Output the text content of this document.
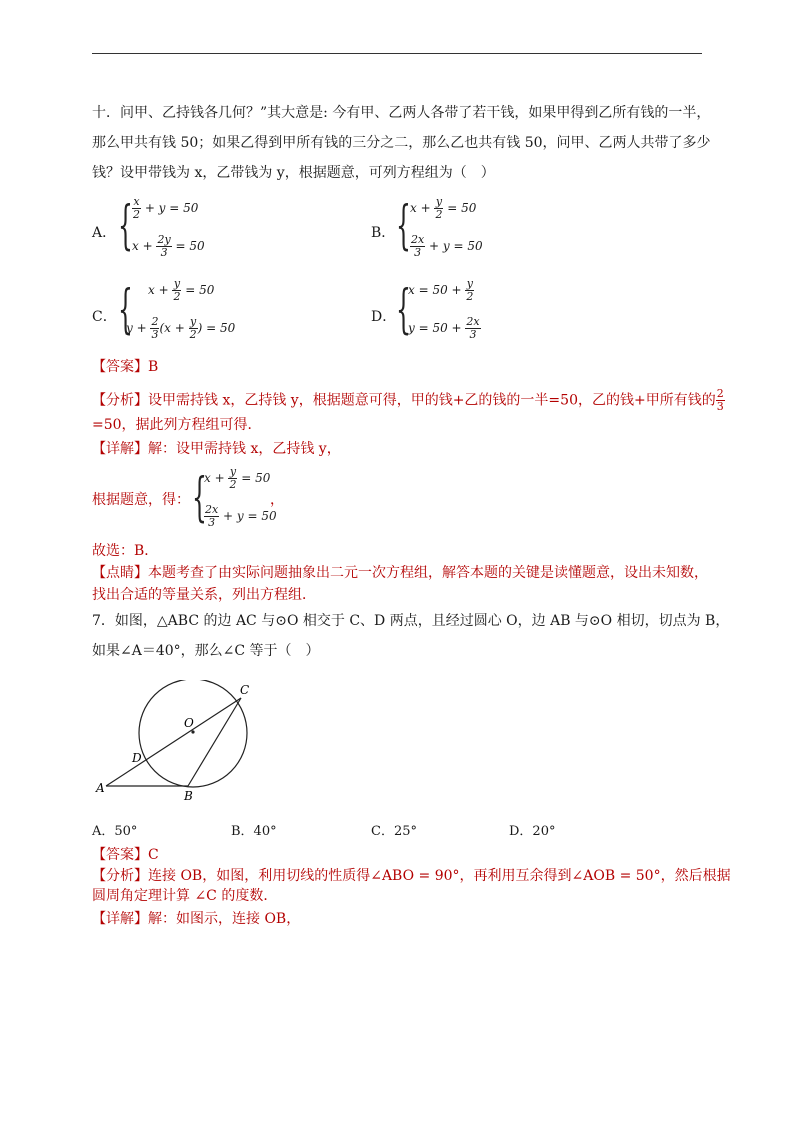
十．问甲、乙持钱各几何？”其大意是: 今有甲、乙两人各带了若干钱，如果甲得到乙所有钱的一半，
那么甲共有钱 50；如果乙得到甲所有钱的三分之二，那么乙也共有钱 50，问甲、乙两人共带了多少
钱？设甲带钱为 x，乙带钱为 y，根据题意，可列方程组为（　）
A． { $\frac{x}{2} + y = 50$
$x + \frac{2y}{3} = 50$
B． { $x + \frac{y}{2} = 50$
$\frac{2x}{3} + y = 50$
C． { $x + \frac{y}{2} = 50$
$y + \frac{2}{3} (x + \frac{y}{2}$ ) = 50
D． {
$x = 50 + \frac{y}{2}$
$y = 50 + \frac{2x}{3}$
【答案】B
【分析】设甲需持钱 x，乙持钱 y，根据题意可得，甲的钱+乙的钱的一半=50，乙的钱+甲所有钱的 $\frac{2}{3}$
=50，据此列方程组可得．
【详解】解：设甲需持钱 x，乙持钱 y，
根据题意，得： {
$x + \frac{y}{2} = 50$
$\frac{2x}{3} + y = 50$
，
故选：B．
【点睛】本题考查了由实际问题抽象出二元一次方程组，解答本题的关键是读懂题意，设出未知数，
找出合适的等量关系，列出方程组．
7．如图，△ABC 的边 AC 与⊙O 相交于 C、D 两点，且经过圆心 O，边 AB 与⊙O 相切，切点为 B，
如果∠A＝40°，那么∠C 等于（　）
C
O
D
A
B
A．50°	B．40°	C．25°	D．20°
【答案】C
【分析】连接 OB，如图，利用切线的性质得∠ABO = 90°，再利用互余得到∠AOB = 50°，然后根据
圆周角定理计算 ∠C 的度数．
【详解】解：如图示，连接 OB，
